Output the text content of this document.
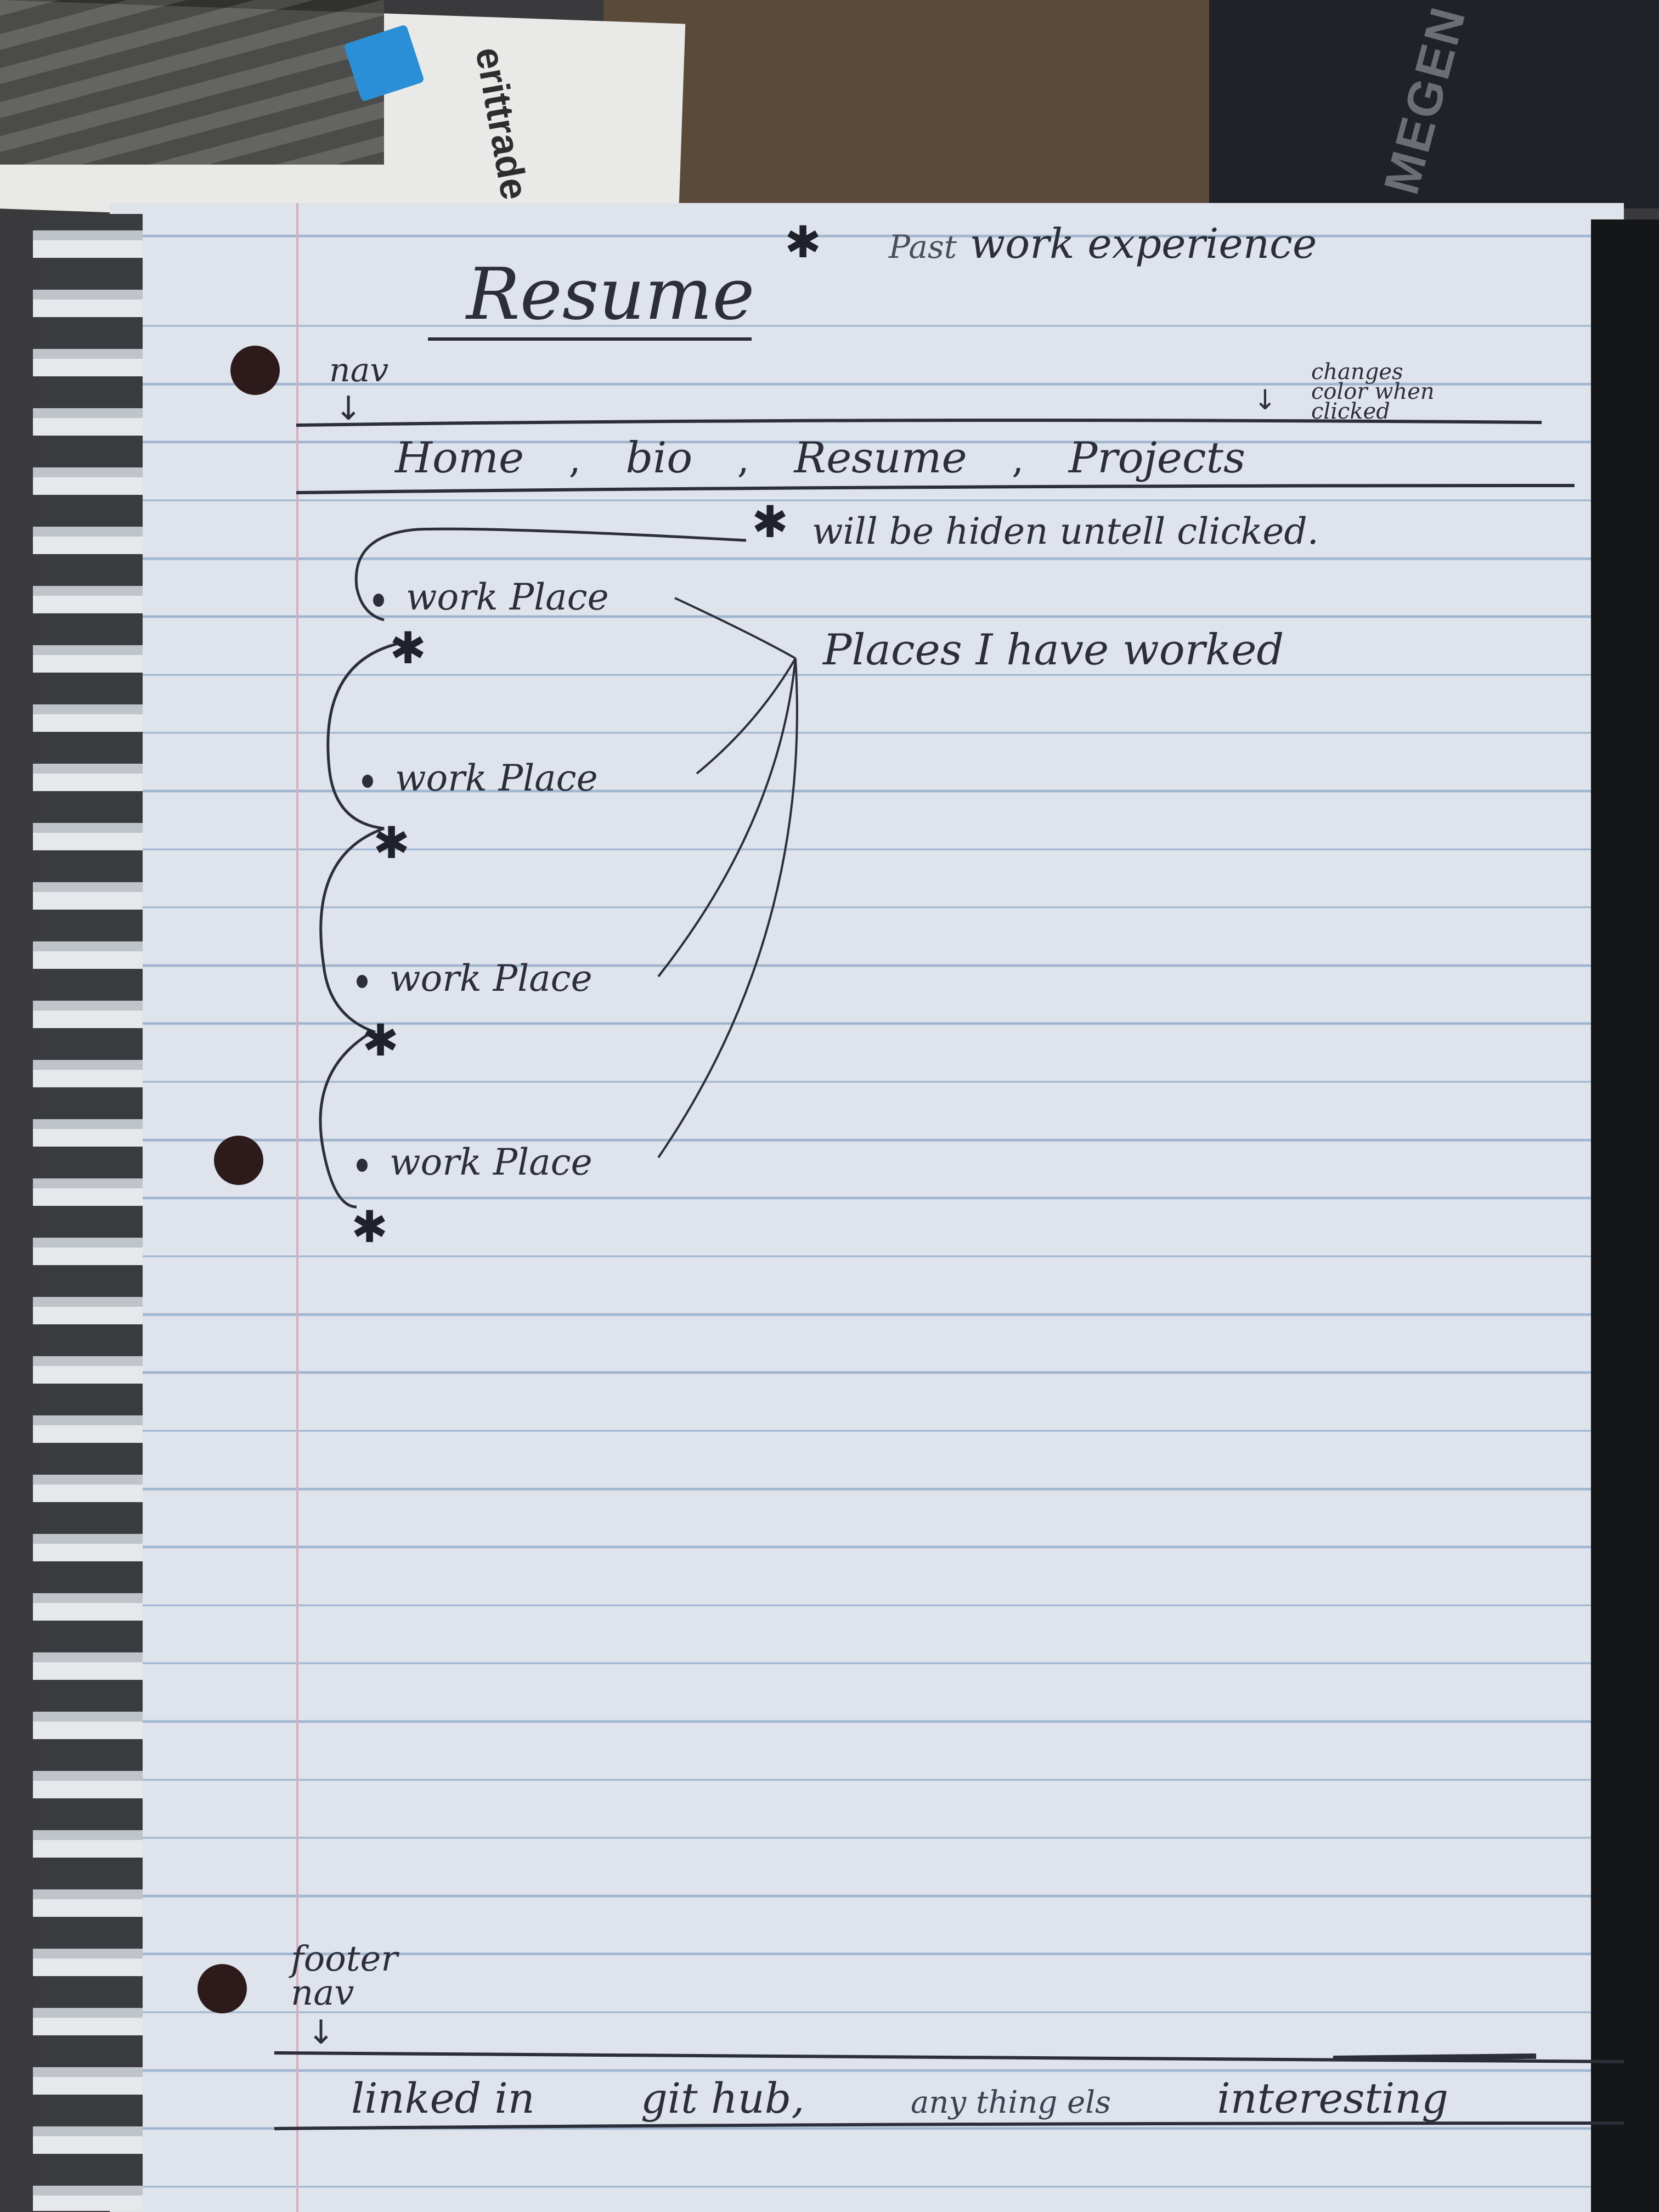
erittrade	MEGEN
Resume
✱ Past work experience
nav
↓
Home , bio , Resume , Projects
↓
changes color when clicked
✱ will be hiden untell clicked.
Places I have worked
work Place
✱
work Place
✱
work Place
✱
work Place
✱
footer nav
↓
linked in	git hub,	any thing els	interesting
